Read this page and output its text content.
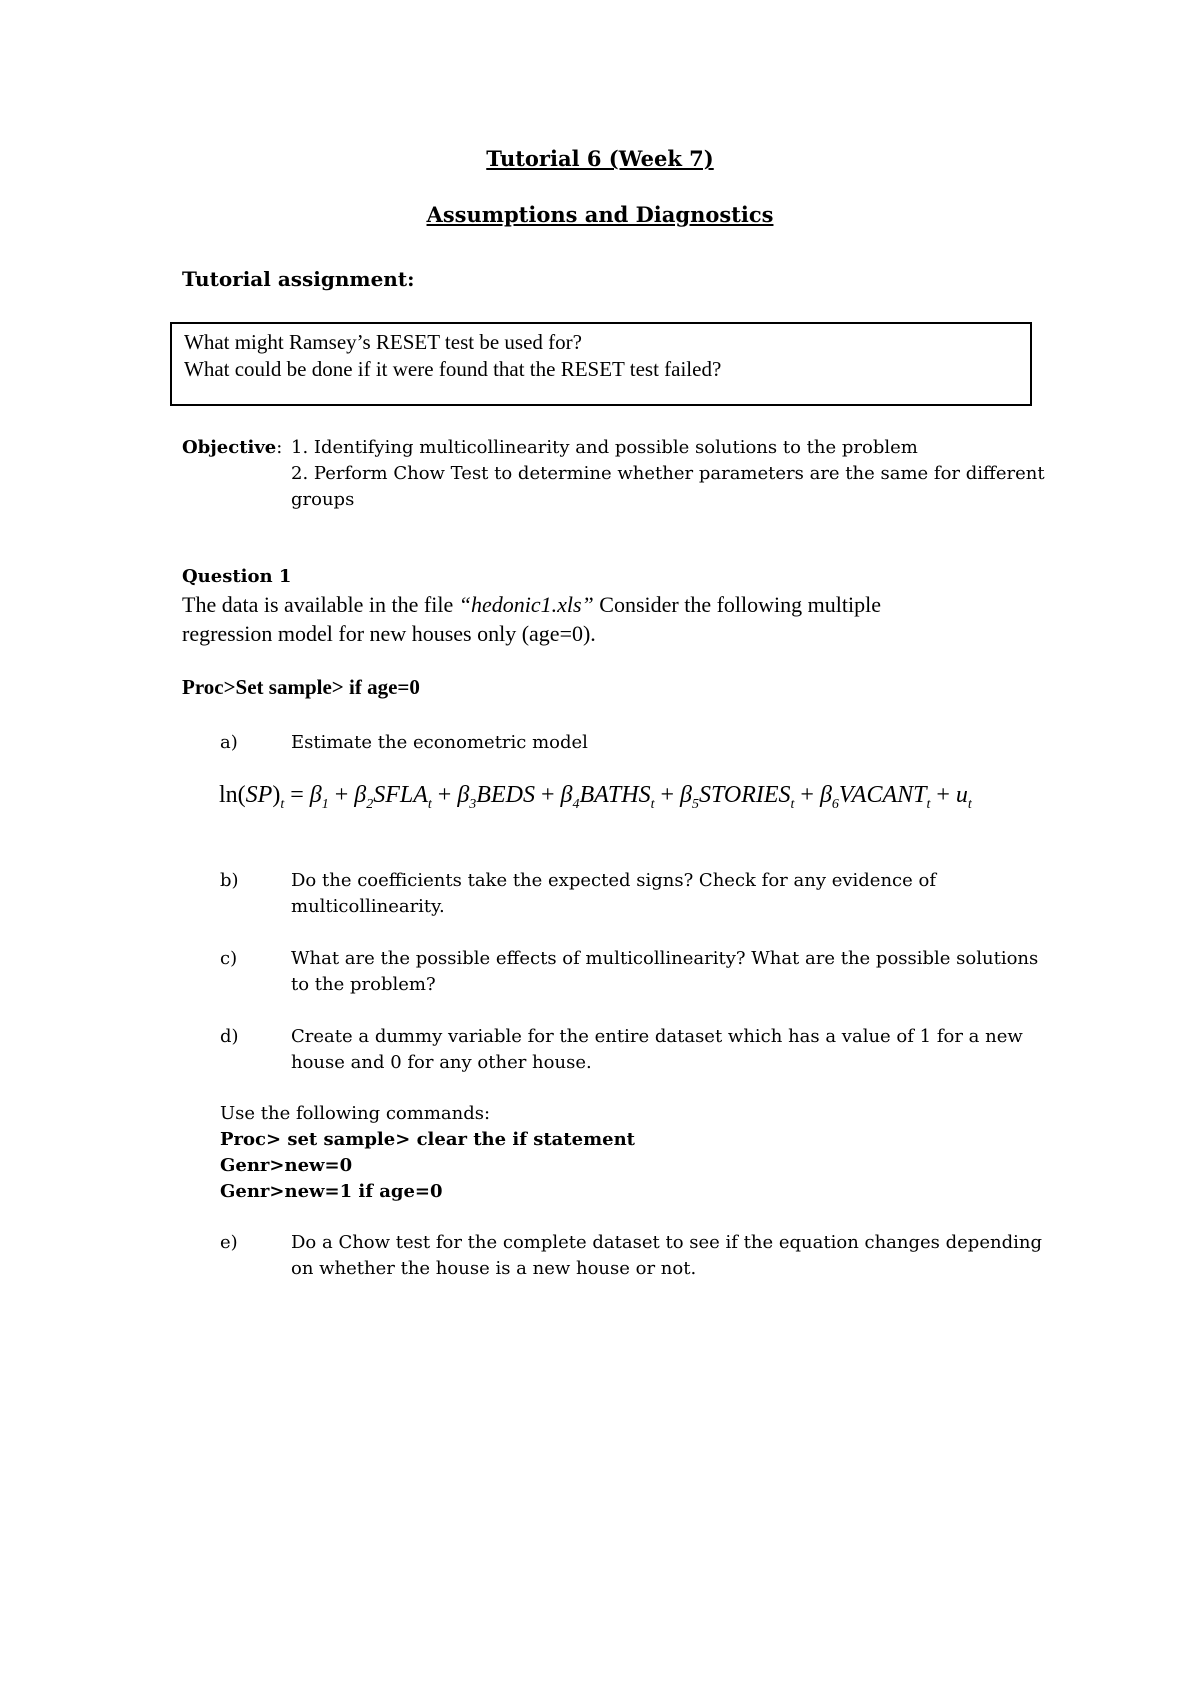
Tutorial 6 (Week 7)
Assumptions and Diagnostics
Tutorial assignment:
What might Ramsey’s RESET test be used for?
What could be done if it were found that the RESET test failed?
Objective: 1. Identifying multicollinearity and possible solutions to the problem
2. Perform Chow Test to determine whether parameters are the same for different
groups
Question 1
The data is available in the file “hedonic1.xls” Consider the following multiple
regression model for new houses only (age=0).
Proc>Set sample> if age=0
a)	Estimate the econometric model
$\ln(SP)_t = \beta_1$ + $\beta_2SFLA_t$ + $\beta_3BEDS$ + $\beta_4BATHS_t$ + $\beta_5STORIES_t$ + $\beta_6VACANT_t + u_t$
b)	Do the coefficients take the expected signs? Check for any evidence of
multicollinearity.
c)	What are the possible effects of multicollinearity? What are the possible solutions
to the problem?
d)	Create a dummy variable for the entire dataset which has a value of 1 for a new
house and 0 for any other house.
Use the following commands:
Proc> set sample> clear the if statement
Genr>new=0
Genr>new=1 if age=0
e)	Do a Chow test for the complete dataset to see if the equation changes depending
on whether the house is a new house or not.
